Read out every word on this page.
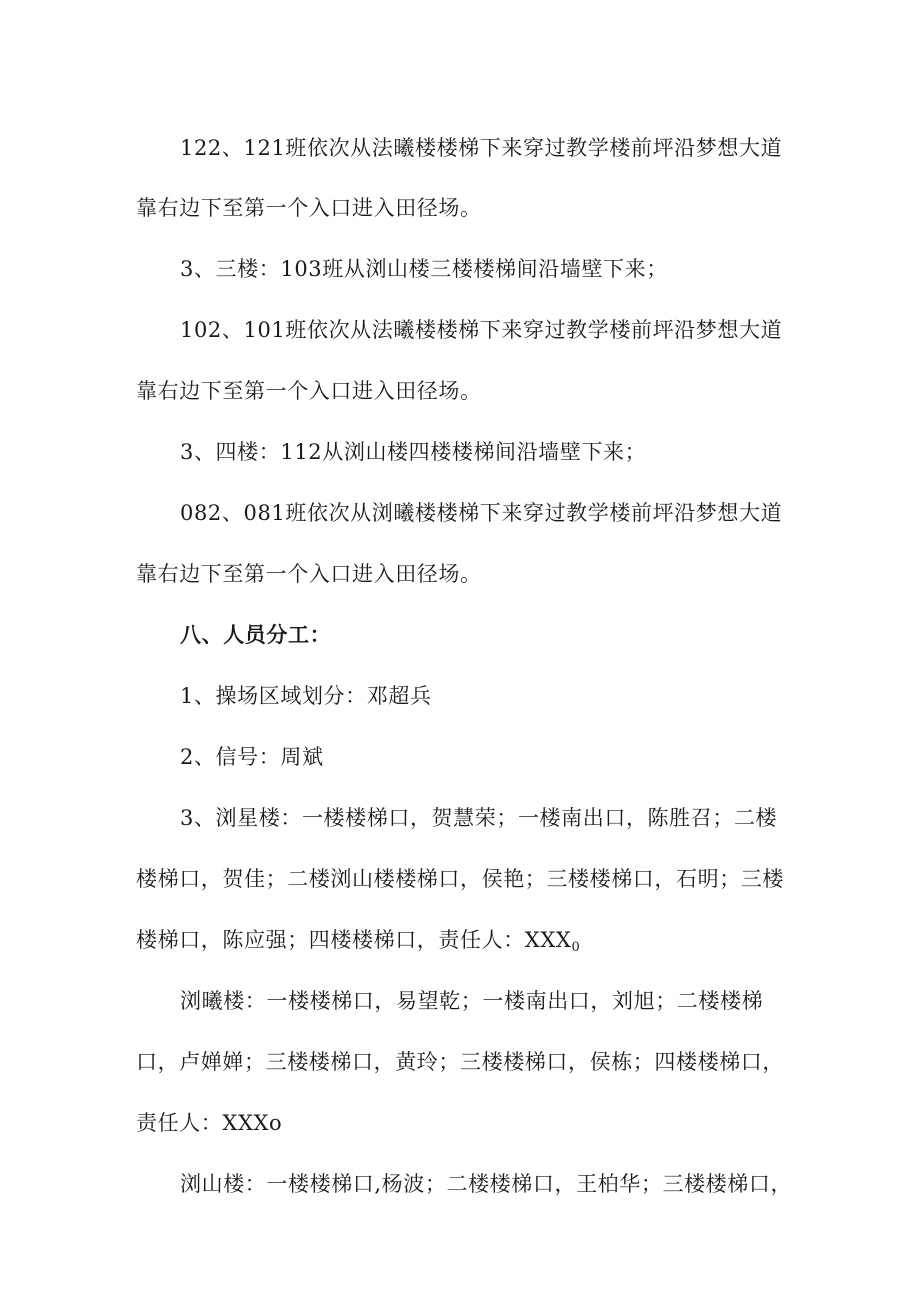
122、121班依次从法曦楼楼梯下来穿过教学楼前坪沿梦想大道
靠右边下至第一个入口进入田径场。
3、三楼：103班从浏山楼三楼楼梯间沿墙壁下来；
102、101班依次从法曦楼楼梯下来穿过教学楼前坪沿梦想大道
靠右边下至第一个入口进入田径场。
3、四楼：112从浏山楼四楼楼梯间沿墙壁下来；
082、081班依次从浏曦楼楼梯下来穿过教学楼前坪沿梦想大道
靠右边下至第一个入口进入田径场。
八、人员分工：
1、操场区域划分：邓超兵
2、信号：周斌
3、浏星楼：一楼楼梯口，贺慧荣；一楼南出口，陈胜召；二楼
楼梯口，贺佳；二楼浏山楼楼梯口，侯艳；三楼楼梯口，石明；三楼
楼梯口，陈应强；四楼楼梯口，责任人：$XXX_0$
浏曦楼：一楼楼梯口，易望乾；一楼南出口，刘旭；二楼楼梯
口，卢婵婵；三楼楼梯口，黄玲；三楼楼梯口，侯栋；四楼楼梯口，
责任人：XXXo
浏山楼：一楼楼梯口,杨波；二楼楼梯口，王柏华；三楼楼梯口，
